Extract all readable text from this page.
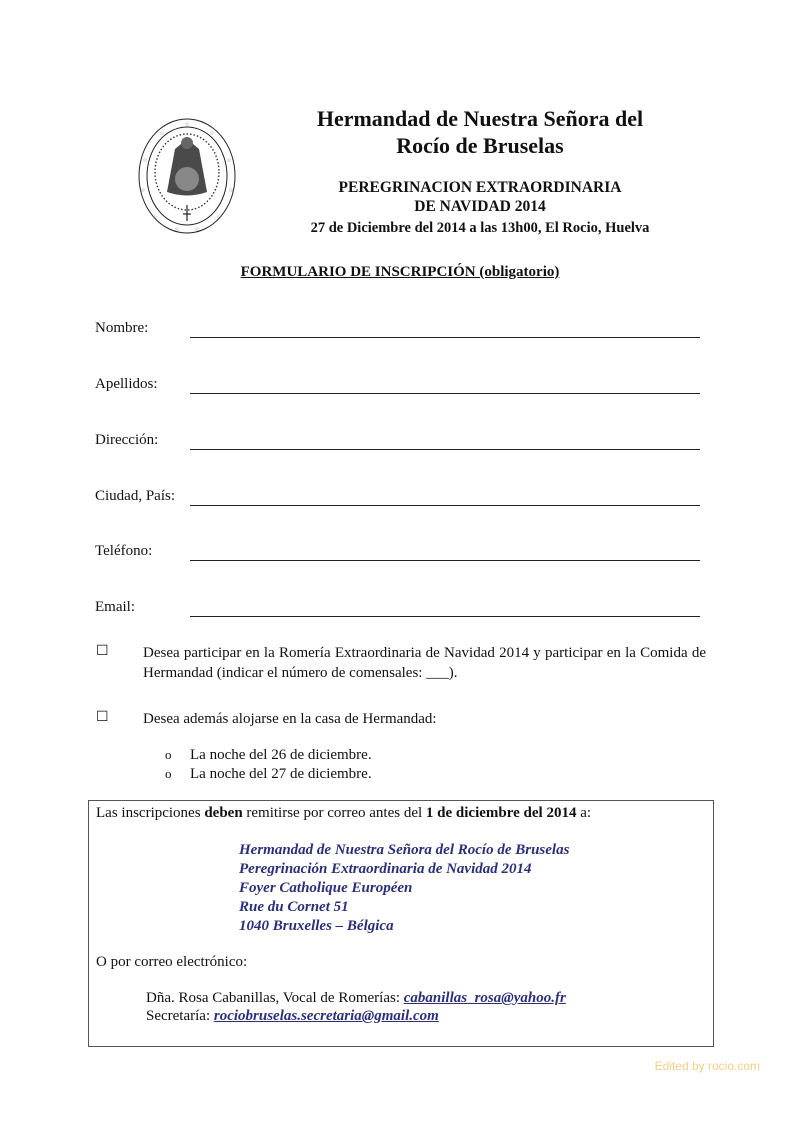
☆
☆	☆
☆	☆
☆	☆
☆	☆
☆ ☆
Hermandad de Nuestra Señora del
Rocío de Bruselas
PEREGRINACION EXTRAORDINARIA
DE NAVIDAD 2014
27 de Diciembre del 2014 a las 13h00, El Rocio, Huelva
FORMULARIO DE INSCRIPCIÓN (obligatorio)
Nombre:
Apellidos:
Dirección:
Ciudad, País:
Teléfono:
Email:
☐ Desea participar en la Romería Extraordinaria de Navidad 2014 y participar en la Comida de Hermandad (indicar el número de comensales: ___).
☐ Desea además alojarse en la casa de Hermandad:
o La noche del 26 de diciembre.
o La noche del 27 de diciembre.
Las inscripciones deben remitirse por correo antes del 1 de diciembre del 2014 a:
Hermandad de Nuestra Señora del Rocío de Bruselas
Peregrinación Extraordinaria de Navidad 2014
Foyer Catholique Européen
Rue du Cornet 51
1040 Bruxelles – Bélgica
O por correo electrónico:
Dña. Rosa Cabanillas, Vocal de Romerías: cabanillas_rosa@yahoo.fr
Secretaría: rociobruselas.secretaria@gmail.com
Edited by rocio.com
